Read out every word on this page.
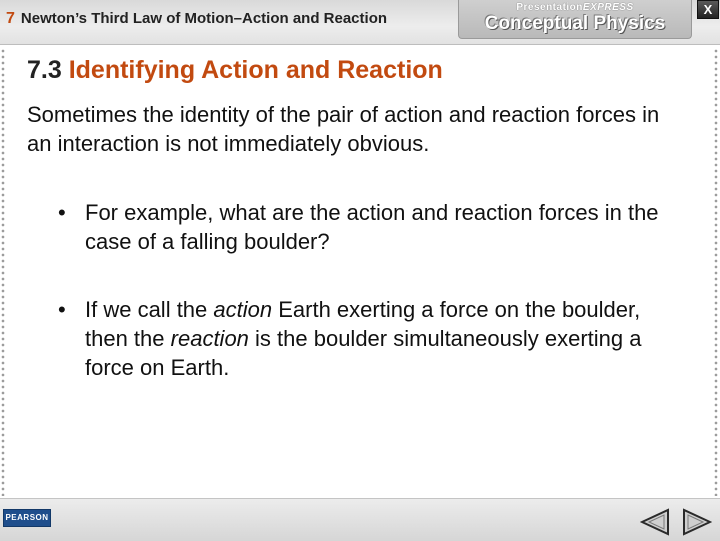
7 Newton’s Third Law of Motion–Action and Reaction
PresentationEXPRESS
Conceptual Physics
X
7.3 Identifying Action and Reaction
Sometimes the identity of the pair of action and reaction forces in an interaction is not immediately obvious.
• For example, what are the action and reaction forces in the case of a falling boulder?
• If we call the action Earth exerting a force on the boulder, then the reaction is the boulder simultaneously exerting a force on Earth.
PEARSON
